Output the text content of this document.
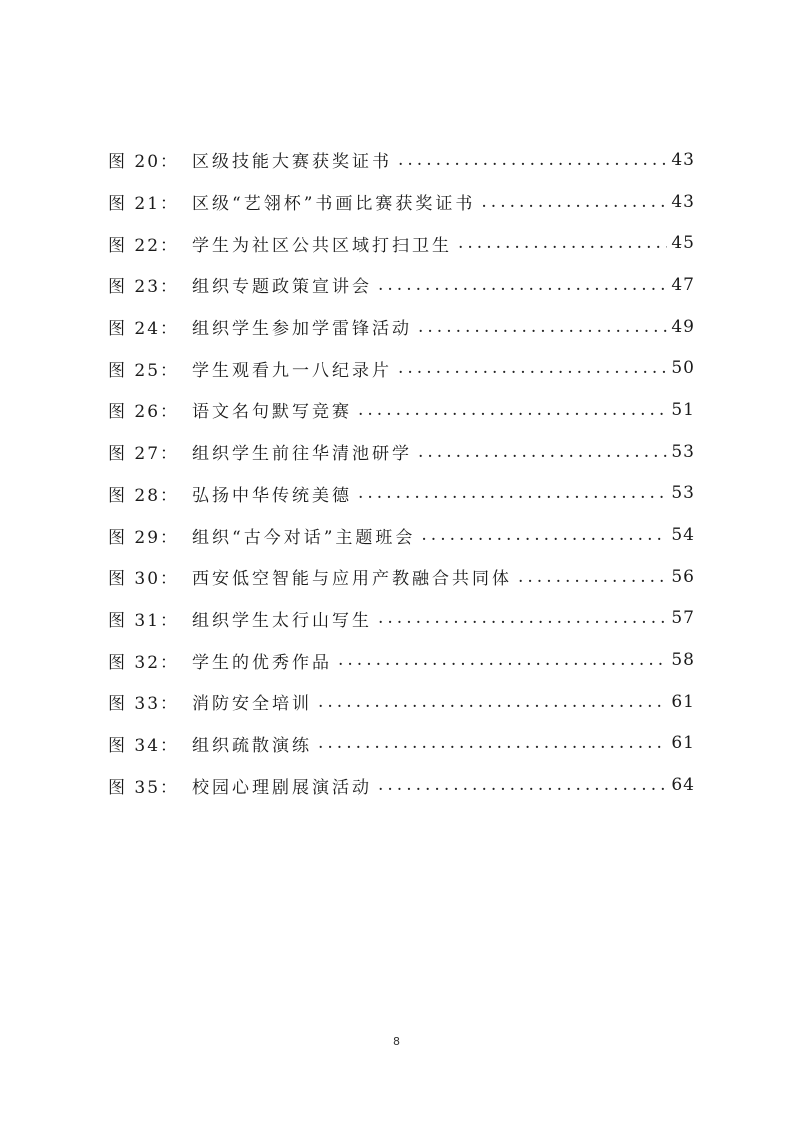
图 20： 区级技能大赛获奖证书 .....	43
图 21： 区级“艺翎杯”书画比赛获奖证书 .....	43
图 22： 学生为社区公共区域打扫卫生 .....	45
图 23： 组织专题政策宣讲会 .....	47
图 24： 组织学生参加学雷锋活动 .....	49
图 25： 学生观看九一八纪录片 .....	50
图 26： 语文名句默写竞赛 .....	51
图 27： 组织学生前往华清池研学 .....	53
图 28： 弘扬中华传统美德 .....	53
图 29： 组织“古今对话”主题班会 .....	54
图 30： 西安低空智能与应用产教融合共同体 .....	56
图 31： 组织学生太行山写生 .....	57
图 32： 学生的优秀作品 .....	58
图 33： 消防安全培训 .....	61
图 34： 组织疏散演练 .....	61
图 35： 校园心理剧展演活动 .....	64
8
